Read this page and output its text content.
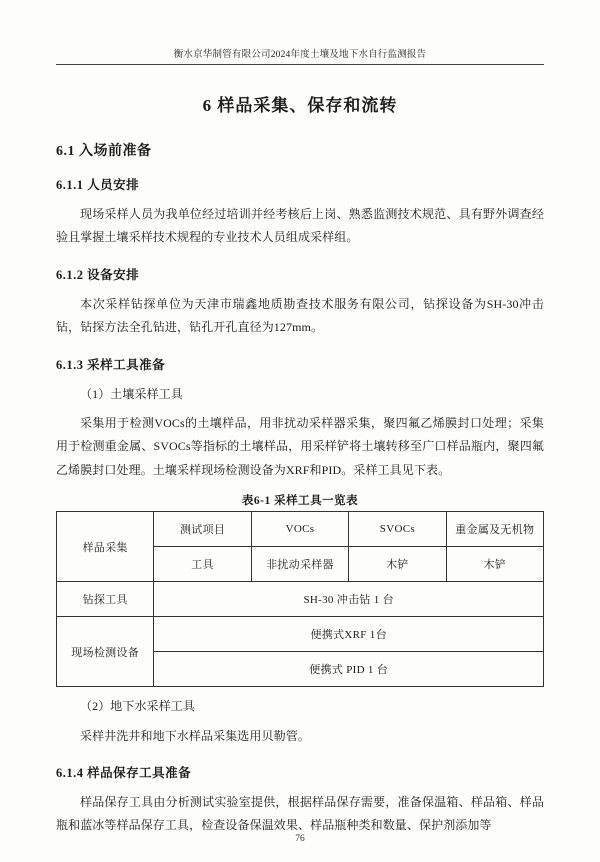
衡水京华制管有限公司2024年度土壤及地下水自行监测报告
6 样品采集、保存和流转
6.1 入场前准备
6.1.1 人员安排

现场采样人员为我单位经过培训并经考核后上岗、熟悉监测技术规范、具有野外调查经验且掌握土壤采样技术规程的专业技术人员组成采样组。

6.1.2 设备安排

本次采样钻探单位为天津市瑞鑫地质勘查技术服务有限公司，钻探设备为SH-30冲击钻，钻探方法全孔钻进，钻孔开孔直径为127mm。

6.1.3 采样工具准备

（1）土壤采样工具

采集用于检测VOCs的土壤样品，用非扰动采样器采集，聚四氟乙烯膜封口处理；采集用于检测重金属、SVOCs等指标的土壤样品，用采样铲将土壤转移至广口样品瓶内，聚四氟乙烯膜封口处理。土壤采样现场检测设备为XRF和PID。采样工具见下表。

表6-1 采样工具一览表
样品采集	测试项目	VOCs	SVOCs	重金属及无机物
	工具	非扰动采样器	木铲	木铲
钻探工具	SH-30 冲击钻 1 台			
现场检测设备	便携式XRF 1台			
	便携式 PID 1 台			

（2）地下水采样工具

采样井洗井和地下水样品采集选用贝勒管。

6.1.4 样品保存工具准备

样品保存工具由分析测试实验室提供，根据样品保存需要，准备保温箱、样品箱、样品瓶和蓝冰等样品保存工具，检查设备保温效果、样品瓶种类和数量、保护剂添加等

76
